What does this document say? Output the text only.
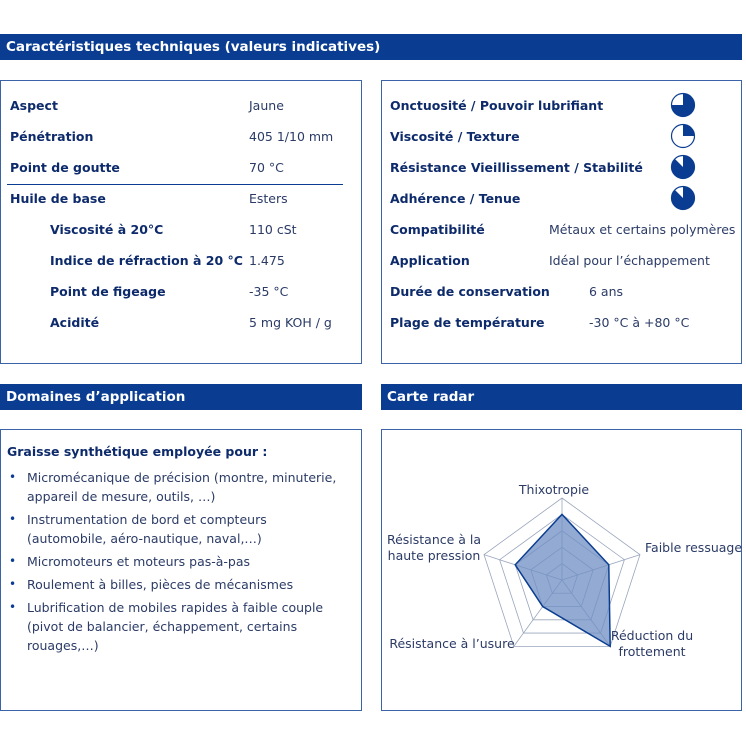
Caractéristiques techniques (valeurs indicatives)
Aspect	Jaune
Pénétration	405 1/10 mm
Point de goutte	70 °C
Huile de base	Esters
Viscosité à 20°C	110 cSt
Indice de réfraction à 20 °C 1.475
Point de figeage	-35 °C
Acidité	5 mg KOH / g
Onctuosité / Pouvoir lubrifiant
Viscosité / Texture
Résistance Vieillissement / Stabilité
Adhérence / Tenue
Compatibilité	Métaux et certains polymères
Application	Idéal pour l’échappement
Durée de conservation	6 ans
Plage de température	-30 °C à +80 °C
Domaines d’application
Graisse synthétique employée pour :
• Micromécanique de précision (montre, minuterie, appareil de mesure, outils, …)
• Instrumentation de bord et compteurs (automobile, aéro-nautique, naval,…)
• Micromoteurs et moteurs pas-à-pas
• Roulement à billes, pièces de mécanismes
• Lubrification de mobiles rapides à faible couple (pivot de balancier, échappement, certains rouages,…)
Carte radar
Thixotropie
Faible ressuage
Réduction du
frottement
Résistance à l’usure
Résistance à la
haute pression
